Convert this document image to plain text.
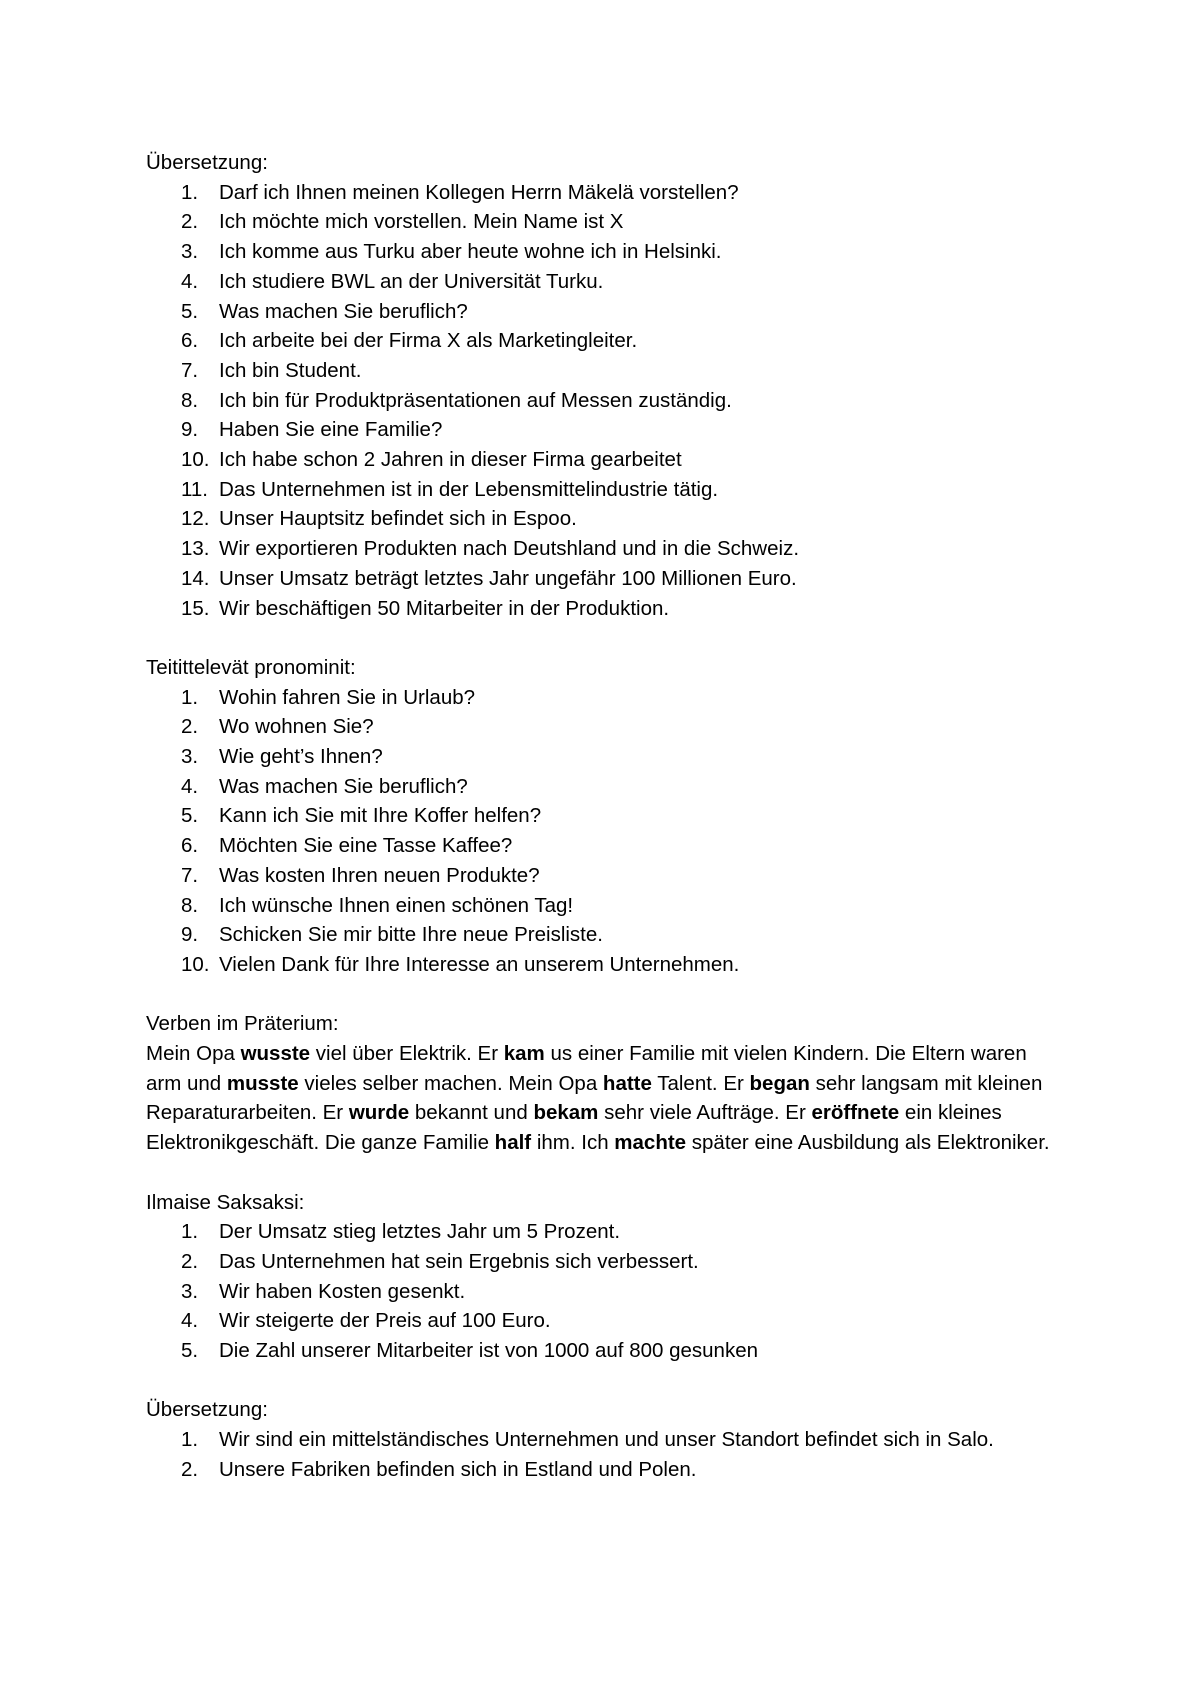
Übersetzung:

1. Darf ich Ihnen meinen Kollegen Herrn Mäkelä vorstellen?
2. Ich möchte mich vorstellen. Mein Name ist X
3. Ich komme aus Turku aber heute wohne ich in Helsinki.
4. Ich studiere BWL an der Universität Turku.
5. Was machen Sie beruflich?
6. Ich arbeite bei der Firma X als Marketingleiter.
7. Ich bin Student.
8. Ich bin für Produktpräsentationen auf Messen zuständig.
9. Haben Sie eine Familie?
10. Ich habe schon 2 Jahren in dieser Firma gearbeitet
11. Das Unternehmen ist in der Lebensmittelindustrie tätig.
12. Unser Hauptsitz befindet sich in Espoo.
13. Wir exportieren Produkten nach Deutshland und in die Schweiz.
14. Unser Umsatz beträgt letztes Jahr ungefähr 100 Millionen Euro.
15. Wir beschäftigen 50 Mitarbeiter in der Produktion.

Teitittelevät pronominit:

1. Wohin fahren Sie in Urlaub?
2. Wo wohnen Sie?
3. Wie geht’s Ihnen?
4. Was machen Sie beruflich?
5. Kann ich Sie mit Ihre Koffer helfen?
6. Möchten Sie eine Tasse Kaffee?
7. Was kosten Ihren neuen Produkte?
8. Ich wünsche Ihnen einen schönen Tag!
9. Schicken Sie mir bitte Ihre neue Preisliste.
10. Vielen Dank für Ihre Interesse an unserem Unternehmen.

Verben im Präterium:

Mein Opa wusste viel über Elektrik. Er kam us einer Familie mit vielen Kindern. Die Eltern waren arm und musste vieles selber machen. Mein Opa hatte Talent. Er began sehr langsam mit kleinen Reparaturarbeiten. Er wurde bekannt und bekam sehr viele Aufträge. Er eröffnete ein kleines Elektronikgeschäft. Die ganze Familie half ihm. Ich machte später eine Ausbildung als Elektroniker.

Ilmaise Saksaksi:

1. Der Umsatz stieg letztes Jahr um 5 Prozent.
2. Das Unternehmen hat sein Ergebnis sich verbessert.
3. Wir haben Kosten gesenkt.
4. Wir steigerte der Preis auf 100 Euro.
5. Die Zahl unserer Mitarbeiter ist von 1000 auf 800 gesunken

Übersetzung:

1. Wir sind ein mittelständisches Unternehmen und unser Standort befindet sich in Salo.
2. Unsere Fabriken befinden sich in Estland und Polen.
